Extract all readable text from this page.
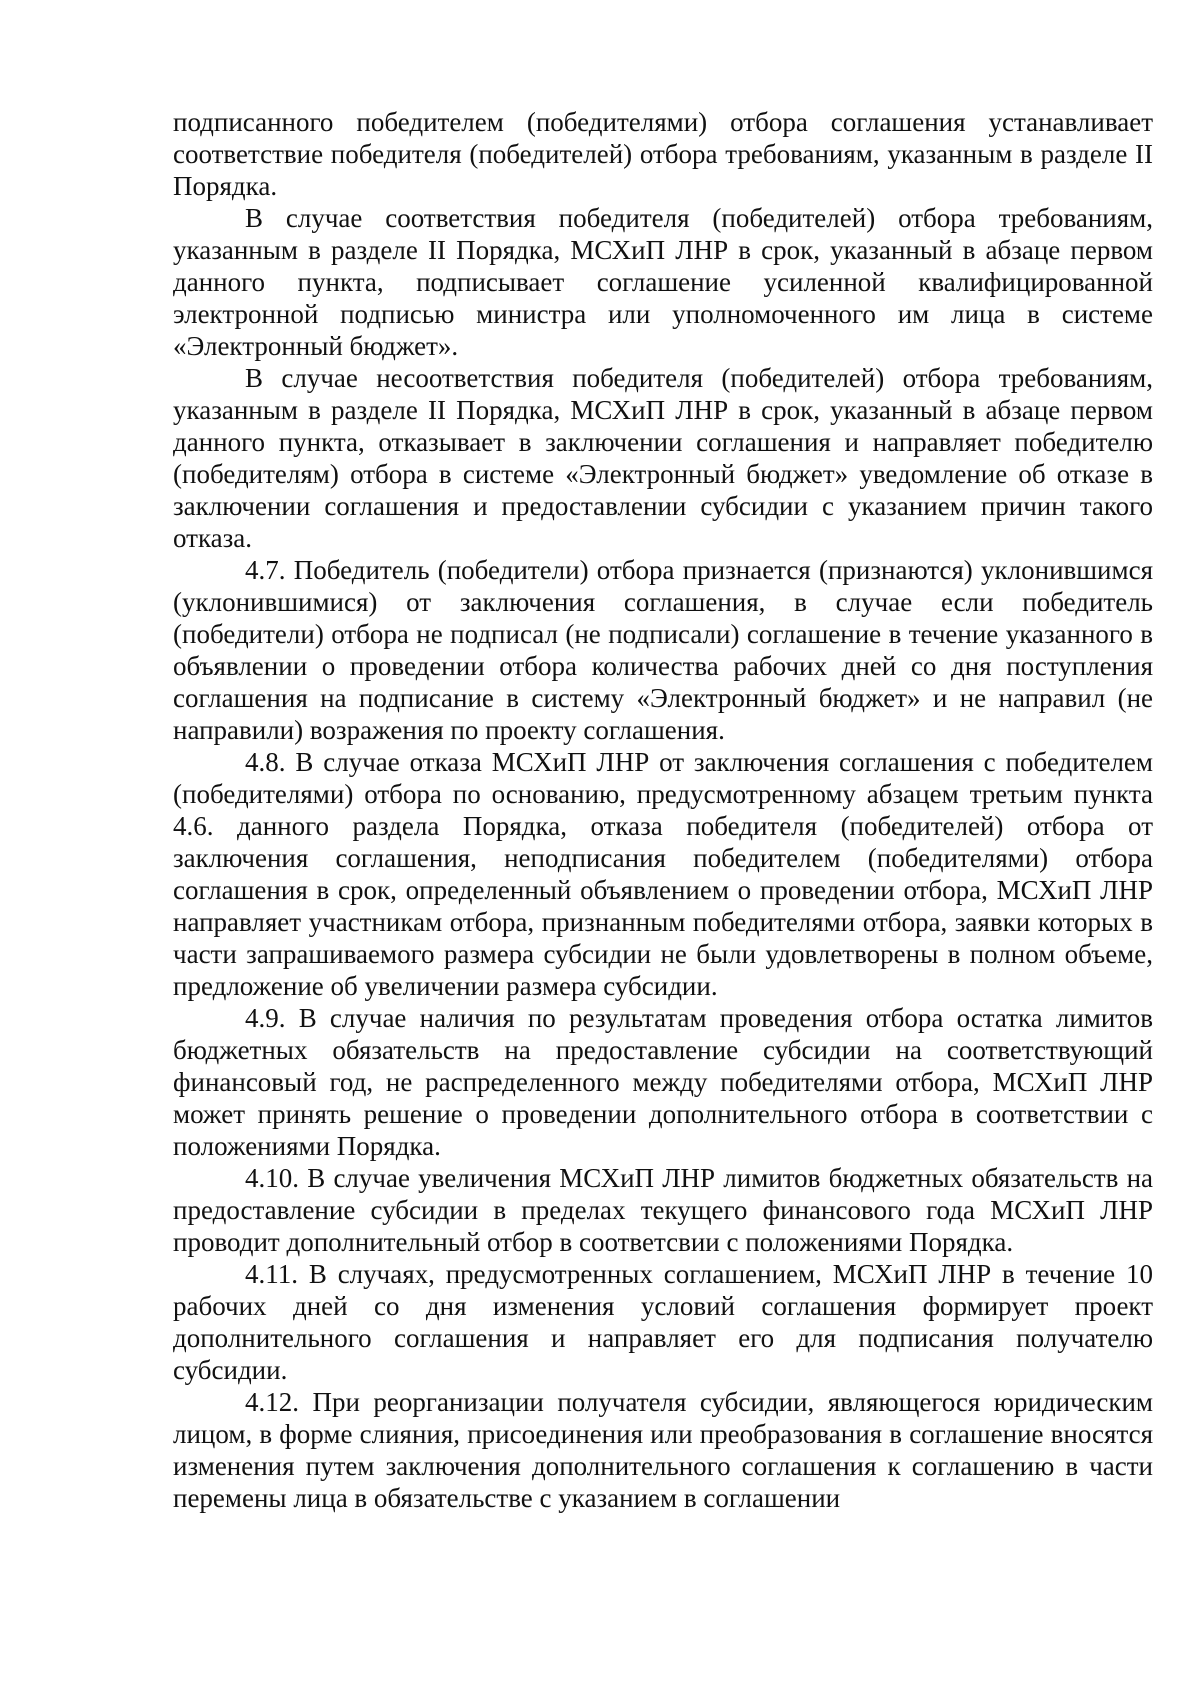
подписанного победителем (победителями) отбора соглашения устанавливает соответствие победителя (победителей) отбора требованиям, указанным в разделе II Порядка.

В случае соответствия победителя (победителей) отбора требованиям, указанным в разделе II Порядка, МСХиП ЛНР в срок, указанный в абзаце первом данного пункта, подписывает соглашение усиленной квалифицированной электронной подписью министра или уполномоченного им лица в системе «Электронный бюджет».

В случае несоответствия победителя (победителей) отбора требованиям, указанным в разделе II Порядка, МСХиП ЛНР в срок, указанный в абзаце первом данного пункта, отказывает в заключении соглашения и направляет победителю (победителям) отбора в системе «Электронный бюджет» уведомление об отказе в заключении соглашения и предоставлении субсидии с указанием причин такого отказа.

4.7. Победитель (победители) отбора признается (признаются) уклонившимся (уклонившимися) от заключения соглашения, в случае если победитель (победители) отбора не подписал (не подписали) соглашение в течение указанного в объявлении о проведении отбора количества рабочих дней со дня поступления соглашения на подписание в систему «Электронный бюджет» и не направил (не направили) возражения по проекту соглашения.

4.8. В случае отказа МСХиП ЛНР от заключения соглашения с победителем (победителями) отбора по основанию, предусмотренному абзацем третьим пункта 4.6. данного раздела Порядка, отказа победителя (победителей) отбора от заключения соглашения, неподписания победителем (победителями) отбора соглашения в срок, определенный объявлением о проведении отбора, МСХиП ЛНР направляет участникам отбора, признанным победителями отбора, заявки которых в части запрашиваемого размера субсидии не были удовлетворены в полном объеме, предложение об увеличении размера субсидии.

4.9. В случае наличия по результатам проведения отбора остатка лимитов бюджетных обязательств на предоставление субсидии на соответствующий финансовый год, не распределенного между победителями отбора, МСХиП ЛНР может принять решение о проведении дополнительного отбора в соответствии с положениями Порядка.

4.10. В случае увеличения МСХиП ЛНР лимитов бюджетных обязательств на предоставление субсидии в пределах текущего финансового года МСХиП ЛНР проводит дополнительный отбор в соответсвии с положениями Порядка.

4.11. В случаях, предусмотренных соглашением, МСХиП ЛНР в течение 10 рабочих дней со дня изменения условий соглашения формирует проект дополнительного соглашения и направляет его для подписания получателю субсидии.

4.12. При реорганизации получателя субсидии, являющегося юридическим лицом, в форме слияния, присоединения или преобразования в соглашение вносятся изменения путем заключения дополнительного соглашения к соглашению в части перемены лица в обязательстве с указанием в соглашении
